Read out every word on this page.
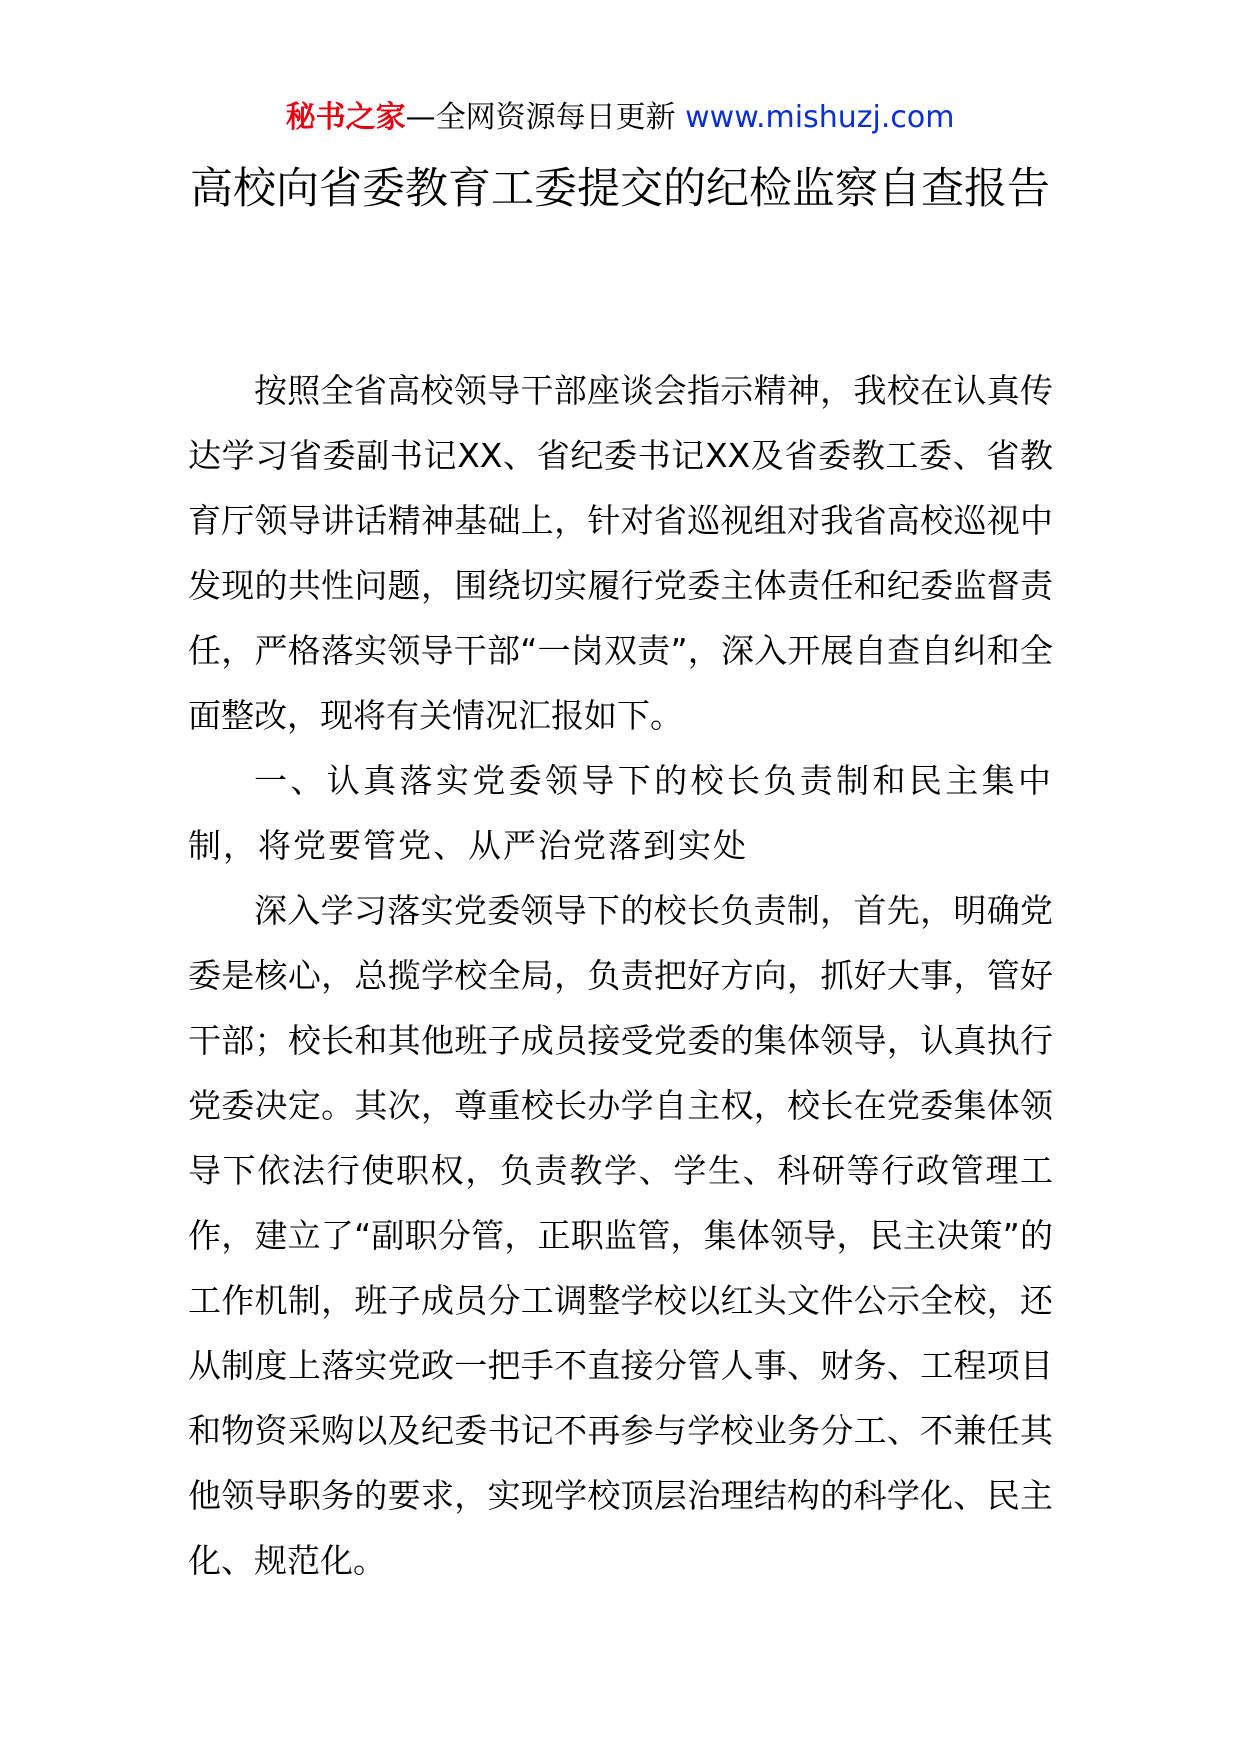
秘书之家—全网资源每日更新 www.mishuzj.com
高校向省委教育工委提交的纪检监察自查报告

按照全省高校领导干部座谈会指示精神，我校在认真传达学习省委副书记XX、省纪委书记XX及省委教工委、省教育厅领导讲话精神基础上，针对省巡视组对我省高校巡视中发现的共性问题，围绕切实履行党委主体责任和纪委监督责任，严格落实领导干部“一岗双责”，深入开展自查自纠和全面整改，现将有关情况汇报如下。

一、认真落实党委领导下的校长负责制和民主集中制，将党要管党、从严治党落到实处

深入学习落实党委领导下的校长负责制，首先，明确党委是核心，总揽学校全局，负责把好方向，抓好大事，管好干部；校长和其他班子成员接受党委的集体领导，认真执行党委决定。其次，尊重校长办学自主权，校长在党委集体领导下依法行使职权，负责教学、学生、科研等行政管理工作，建立了“副职分管，正职监管，集体领导，民主决策”的工作机制，班子成员分工调整学校以红头文件公示全校，还从制度上落实党政一把手不直接分管人事、财务、工程项目和物资采购以及纪委书记不再参与学校业务分工、不兼任其他领导职务的要求，实现学校顶层治理结构的科学化、民主化、规范化。
